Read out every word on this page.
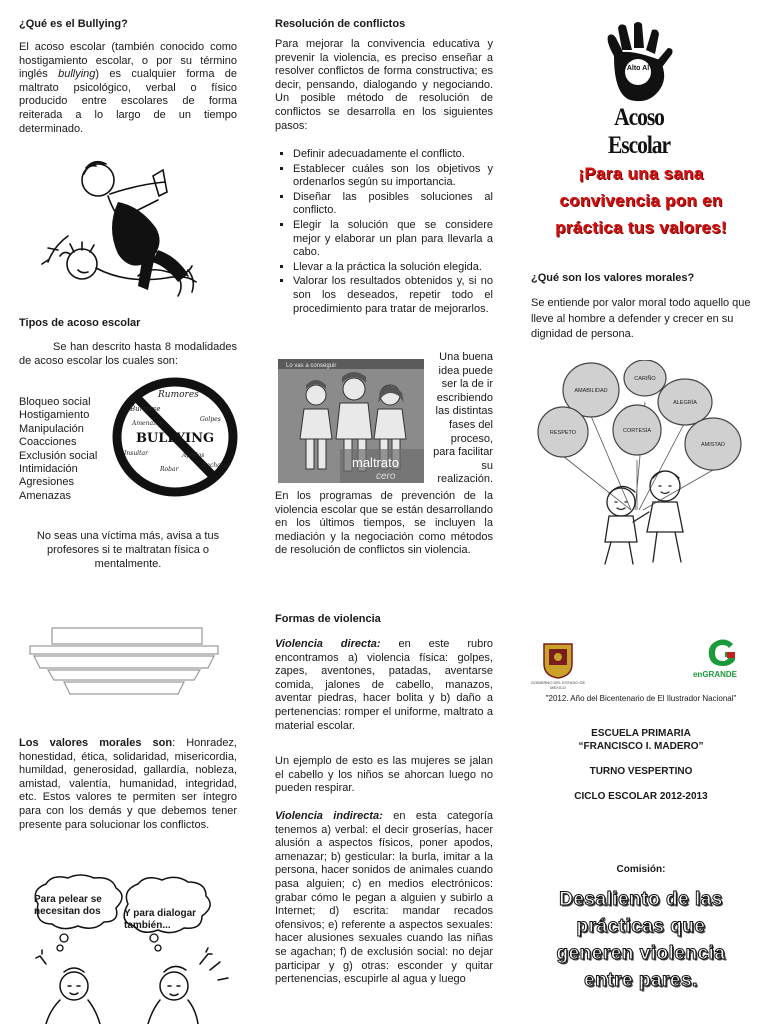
¿Qué es el Bullying?
El acoso escolar (también conocido como hostigamiento escolar, o por su término inglés bullying) es cualquier forma de maltrato psicológico, verbal o físico producido entre escolares de forma reiterada a lo largo de un tiempo determinado.
Tipos de acoso escolar
Se han descrito hasta 8 modalidades de acoso escolar los cuales son:
Bloqueo social
Hostigamiento
Manipulación
Coacciones
Exclusión social
Intimidación
Agresiones
Amenazas
Rumores
Burlarse
Amenazas
Insultar
Golpes
Apodos
Robar
Rechazar
BULLYING
No seas una víctima más, avisa a tus profesores si te maltratan física o mentalmente.
Los valores morales son: Honradez, honestidad, ética, solidaridad, misericordia, humildad, generosidad, gallardía, nobleza, amistad, valentía, humanidad, integridad, etc. Estos valores te permiten ser íntegro para con los demás y que debemos tener presente para solucionar los conflictos.
Para pelear se necesitan dos	Y para dialogar también...
Resolución de conflictos
Para mejorar la convivencia educativa y prevenir la violencia, es preciso enseñar a resolver conflictos de forma constructiva; es decir, pensando, dialogando y negociando. Un posible método de resolución de conflictos se desarrolla en los siguientes pasos:
▪ Definir adecuadamente el conflicto.
▪ Establecer cuáles son los objetivos y ordenarlos según su importancia.
▪ Diseñar las posibles soluciones al conflicto.
▪ Elegir la solución que se considere mejor y elaborar un plan para llevarla a cabo.
▪ Llevar a la práctica la solución elegida.
▪ Valorar los resultados obtenidos y, si no son los deseados, repetir todo el procedimiento para tratar de mejorarlos.
Lo vas a conseguir
maltrato
cero
Una buena idea puede ser la de ir escribiendo las distintas fases del proceso, para facilitar su realización.
En los programas de prevención de la violencia escolar que se están desarrollando en los últimos tiempos, se incluyen la mediación y la negociación como métodos de resolución de conflictos sin violencia.
Formas de violencia
Violencia directa: en este rubro encontramos a) violencia física: golpes, zapes, aventones, patadas, aventarse comida, jalones de cabello, manazos, aventar piedras, hacer bolita y b) daño a pertenencias: romper el uniforme, maltrato a material escolar.
Un ejemplo de esto es las mujeres se jalan el cabello y los niños se ahorcan luego no pueden respirar.
Violencia indirecta: en esta categoría tenemos a) verbal: el decir groserías, hacer alusión a aspectos físicos, poner apodos, amenazar; b) gesticular: la burla, imitar a la persona, hacer sonidos de animales cuando pasa alguien; c) en medios electrónicos: grabar cómo le pegan a alguien y subirlo a Internet; d) escrita: mandar recados ofensivos; e) referente a aspectos sexuales: hacer alusiones sexuales cuando las niñas se agachan; f) de exclusión social: no dejar participar y g) otras: esconder y quitar pertenencias, escupirle al agua y luego
Alto Al
Acoso Escolar
¡Para una sana
convivencia pon en
práctica tus valores!
¿Qué son los valores morales?
Se entiende por valor moral todo aquello que lleve al hombre a defender y crecer en su dignidad de persona.
AMABILIDAD
CARIÑO
ALEGRÍA
RESPETO	CORTESÍA
AMISTAD
GOBIERNO DEL ESTADO DE MÉXICO

enGRANDE
"2012. Año del Bicentenario de El Ilustrador Nacional"
ESCUELA PRIMARIA
“FRANCISCO I. MADERO”
TURNO VESPERTINO
CICLO ESCOLAR 2012-2013
Comisión:
Desaliento de las
prácticas que
generen violencia
entre pares.
